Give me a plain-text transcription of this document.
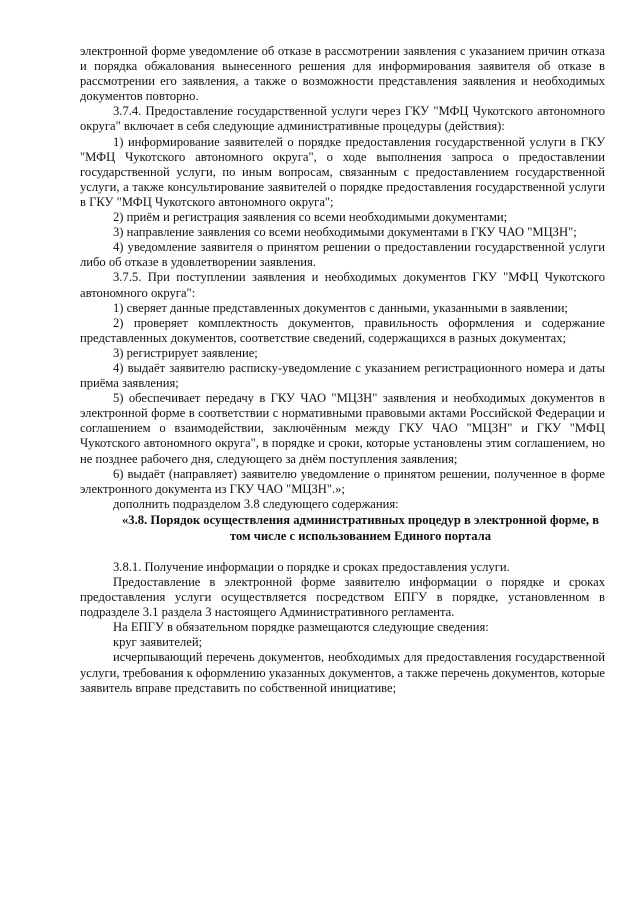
электронной форме уведомление об отказе в рассмотрении заявления с указанием причин отказа и порядка обжалования вынесенного решения для информирования заявителя об отказе в рассмотрении его заявления, а также о возможности представления заявления и необходимых документов повторно.

3.7.4. Предоставление государственной услуги через ГКУ "МФЦ Чукотского автономного округа" включает в себя следующие административные процедуры (действия):

1) информирование заявителей о порядке предоставления государственной услуги в ГКУ "МФЦ Чукотского автономного округа", о ходе выполнения запроса о предоставлении государственной услуги, по иным вопросам, связанным с предоставлением государственной услуги, а также консультирование заявителей о порядке предоставления государственной услуги в ГКУ "МФЦ Чукотского автономного округа";

2) приём и регистрация заявления со всеми необходимыми документами;

3) направление заявления со всеми необходимыми документами в ГКУ ЧАО "МЦЗН";

4) уведомление заявителя о принятом решении о предоставлении государственной услуги либо об отказе в удовлетворении заявления.

3.7.5. При поступлении заявления и необходимых документов ГКУ "МФЦ Чукотского автономного округа":

1) сверяет данные представленных документов с данными, указанными в заявлении;

2) проверяет комплектность документов, правильность оформления и содержание представленных документов, соответствие сведений, содержащихся в разных документах;

3) регистрирует заявление;

4) выдаёт заявителю расписку-уведомление с указанием регистрационного номера и даты приёма заявления;

5) обеспечивает передачу в ГКУ ЧАО "МЦЗН" заявления и необходимых документов в электронной форме в соответствии с нормативными правовыми актами Российской Федерации и соглашением о взаимодействии, заключённым между ГКУ ЧАО "МЦЗН" и ГКУ "МФЦ Чукотского автономного округа", в порядке и сроки, которые установлены этим соглашением, но не позднее рабочего дня, следующего за днём поступления заявления;

6) выдаёт (направляет) заявителю уведомление о принятом решении, полученное в форме электронного документа из ГКУ ЧАО "МЦЗН".»;

дополнить подразделом 3.8 следующего содержания:

«3.8. Порядок осуществления административных процедур в электронной форме, в том числе с использованием Единого портала

3.8.1. Получение информации о порядке и сроках предоставления услуги.

Предоставление в электронной форме заявителю информации о порядке и сроках предоставления услуги осуществляется посредством ЕПГУ в порядке, установленном в подразделе 3.1 раздела 3 настоящего Административного регламента.

На ЕПГУ в обязательном порядке размещаются следующие сведения:

круг заявителей;

исчерпывающий перечень документов, необходимых для предоставления государственной услуги, требования к оформлению указанных документов, а также перечень документов, которые заявитель вправе представить по собственной инициативе;
